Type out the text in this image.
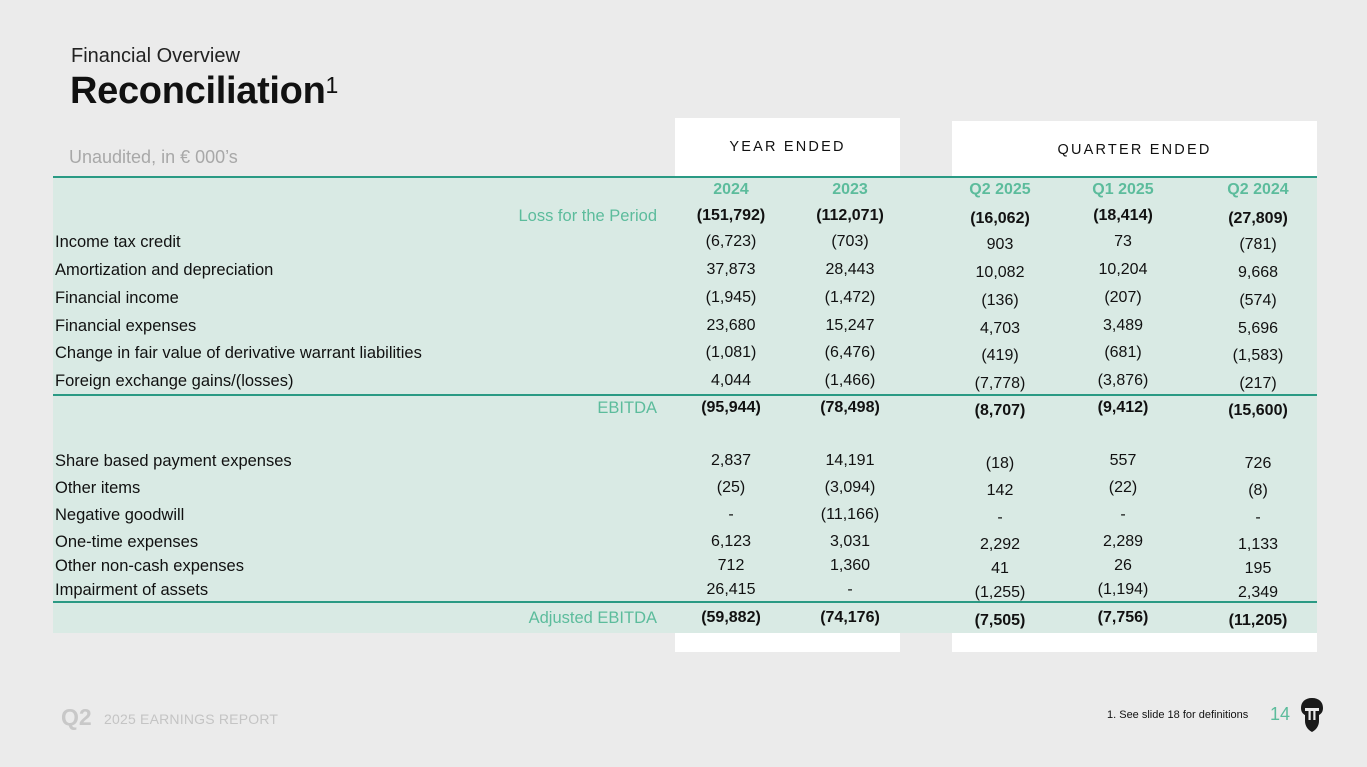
Financial Overview
Reconciliation$^1$
YEAR ENDED	QUARTER ENDED
Unaudited, in € 000’s
2024	2023	Q2 2025	Q1 2025	Q2 2024
Loss for the Period	(151,792)	(112,071)	(16,062)	(18,414)	(27,809)
Income tax credit	(6,723)	(703)	903	73	(781)
Amortization and depreciation	37,873	28,443	10,082	10,204	9,668
Financial income	(1,945)	(1,472)	(136)	(207)	(574)
Financial expenses	23,680	15,247	4,703	3,489	5,696
Change in fair value of derivative warrant liabilities	(1,081)	(6,476)	(419)	(681)	(1,583)
Foreign exchange gains/(losses)	4,044	(1,466)	(7,778)	(3,876)	(217)
EBITDA	(95,944)	(78,498)	(8,707)	(9,412)	(15,600)
Share based payment expenses	2,837	14,191	(18)	557	726
Other items	(25)	(3,094)	142	(22)	(8)
Negative goodwill	-	(11,166)	-	-	-
One-time expenses	6,123	3,031	2,292	2,289	1,133
Other non-cash expenses	712	1,360	41	26	195
Impairment of assets	26,415	-	(1,255)	(1,194)	2,349
Adjusted EBITDA	(59,882)	(74,176)	(7,505)	(7,756)	(11,205)
Q2 2025 EARNINGS REPORT	1. See slide 18 for definitions 14
